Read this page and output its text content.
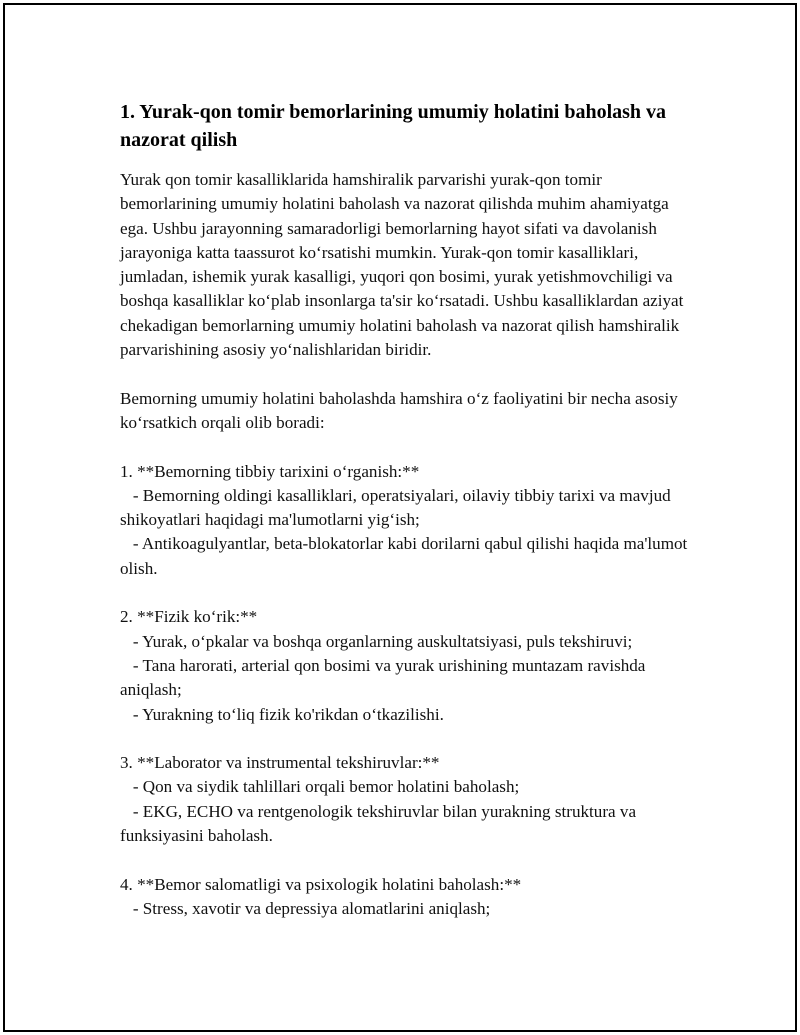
1. Yurak-qon tomir bemorlarining umumiy holatini baholash va nazorat qilish
Yurak qon tomir kasalliklarida hamshiralik parvarishi yurak-qon tomir bemorlarining umumiy holatini baholash va nazorat qilishda muhim ahamiyatga ega. Ushbu jarayonning samaradorligi bemorlarning hayot sifati va davolanish jarayoniga katta taassurot ko‘rsatishi mumkin. Yurak-qon tomir kasalliklari, jumladan, ishemik yurak kasalligi, yuqori qon bosimi, yurak yetishmovchiligi va boshqa kasalliklar ko‘plab insonlarga ta'sir ko‘rsatadi. Ushbu kasalliklardan aziyat chekadigan bemorlarning umumiy holatini baholash va nazorat qilish hamshiralik parvarishining asosiy yo‘nalishlaridan biridir.

Bemorning umumiy holatini baholashda hamshira o‘z faoliyatini bir necha asosiy ko‘rsatkich orqali olib boradi:

1. **Bemorning tibbiy tarixini o‘rganish:**
- Bemorning oldingi kasalliklari, operatsiyalari, oilaviy tibbiy tarixi va mavjud shikoyatlari haqidagi ma'lumotlarni yig‘ish;
- Antikoagulyantlar, beta-blokatorlar kabi dorilarni qabul qilishi haqida ma'lumot olish.

2. **Fizik ko‘rik:**
- Yurak, o‘pkalar va boshqa organlarning auskultatsiyasi, puls tekshiruvi;
- Tana harorati, arterial qon bosimi va yurak urishining muntazam ravishda aniqlash;
- Yurakning to‘liq fizik ko'rikdan o‘tkazilishi.

3. **Laborator va instrumental tekshiruvlar:**
- Qon va siydik tahlillari orqali bemor holatini baholash;
- EKG, ECHO va rentgenologik tekshiruvlar bilan yurakning struktura va funksiyasini baholash.

4. **Bemor salomatligi va psixologik holatini baholash:**
- Stress, xavotir va depressiya alomatlarini aniqlash;
